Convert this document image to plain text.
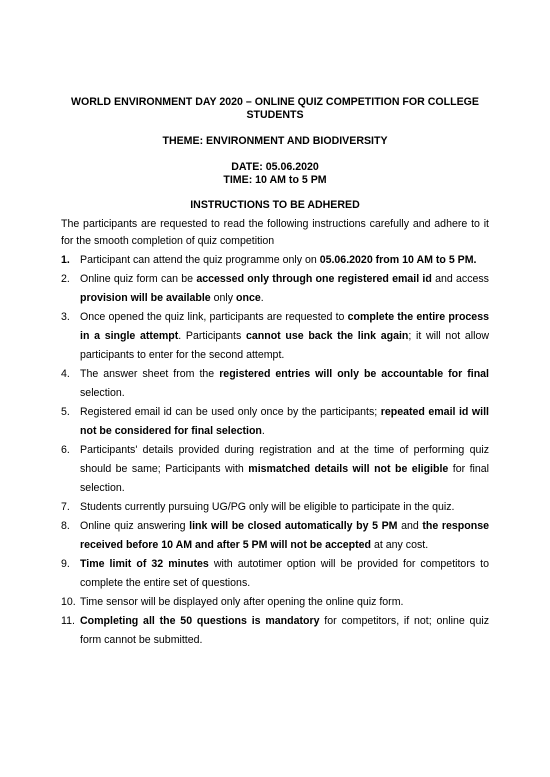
WORLD ENVIRONMENT DAY 2020 – ONLINE QUIZ COMPETITION FOR COLLEGE
STUDENTS
THEME: ENVIRONMENT AND BIODIVERSITY
DATE: 05.06.2020
TIME: 10 AM to 5 PM
INSTRUCTIONS TO BE ADHERED
The participants are requested to read the following instructions carefully and adhere to it for the smooth completion of quiz competition
1. Participant can attend the quiz programme only on 05.06.2020 from 10 AM to 5 PM.
2. Online quiz form can be accessed only through one registered email id and access provision will be available only once.
3. Once opened the quiz link, participants are requested to complete the entire process in a single attempt. Participants cannot use back the link again; it will not allow participants to enter for the second attempt.
4. The answer sheet from the registered entries will only be accountable for final selection.
5. Registered email id can be used only once by the participants; repeated email id will not be considered for final selection.
6. Participants' details provided during registration and at the time of performing quiz should be same; Participants with mismatched details will not be eligible for final selection.
7. Students currently pursuing UG/PG only will be eligible to participate in the quiz.
8. Online quiz answering link will be closed automatically by 5 PM and the response received before 10 AM and after 5 PM will not be accepted at any cost.
9. Time limit of 32 minutes with autotimer option will be provided for competitors to complete the entire set of questions.
10. Time sensor will be displayed only after opening the online quiz form.
11. Completing all the 50 questions is mandatory for competitors, if not; online quiz form cannot be submitted.
